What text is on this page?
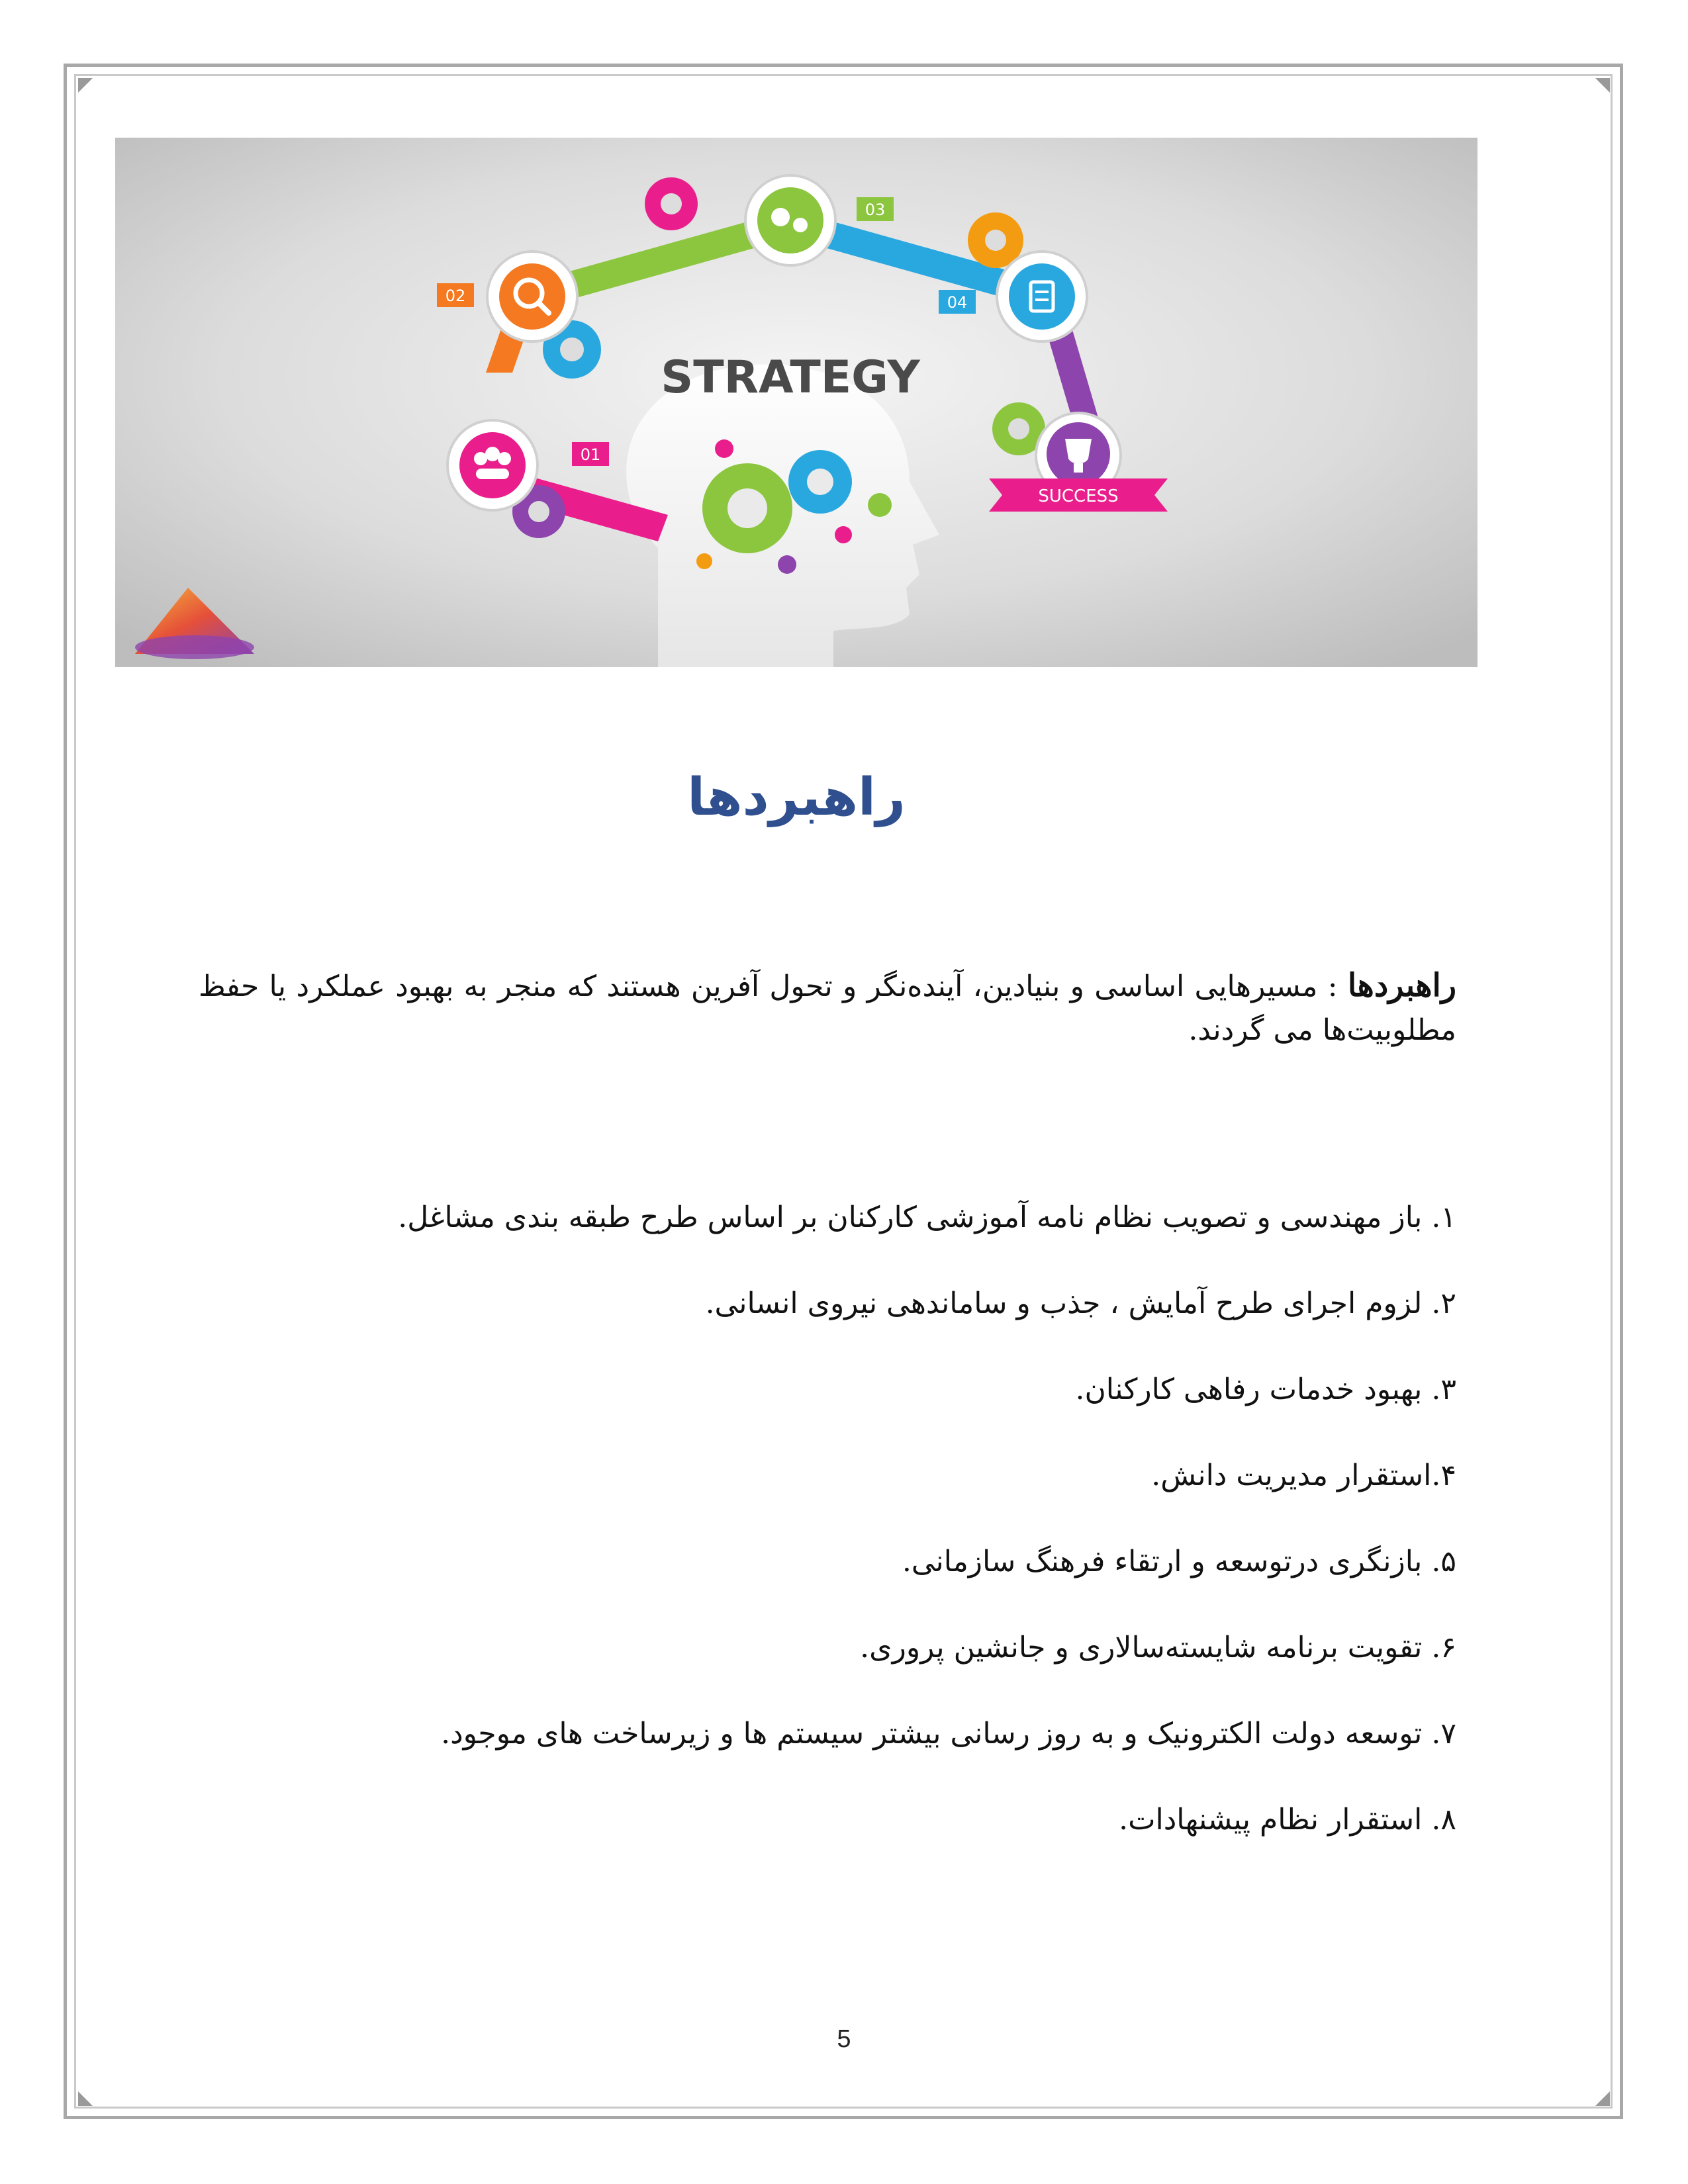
01
02
03
04
SUCCESS
STRATEGY
راهبردها
راهبردها : مسیرهایی اساسی و بنیادین، آینده‌نگر و تحول آفرین هستند که منجر به بهبود عملکرد یا حفظ مطلوبیت‌ها می گردند.
۱. باز مهندسی و تصویب نظام نامه آموزشی کارکنان بر اساس طرح طبقه بندی مشاغل.
۲. لزوم اجرای طرح آمایش ، جذب و ساماندهی نیروی انسانی.
۳. بهبود خدمات رفاهی کارکنان.
۴.استقرار مدیریت دانش.
۵. بازنگری درتوسعه و ارتقاء فرهنگ سازمانی.
۶. تقویت برنامه شایسته‌سالاری و جانشین پروری.
۷. توسعه دولت الکترونیک و به روز رسانی بیشتر سیستم ها و زیرساخت های موجود.
۸. استقرار نظام پیشنهادات.
5
